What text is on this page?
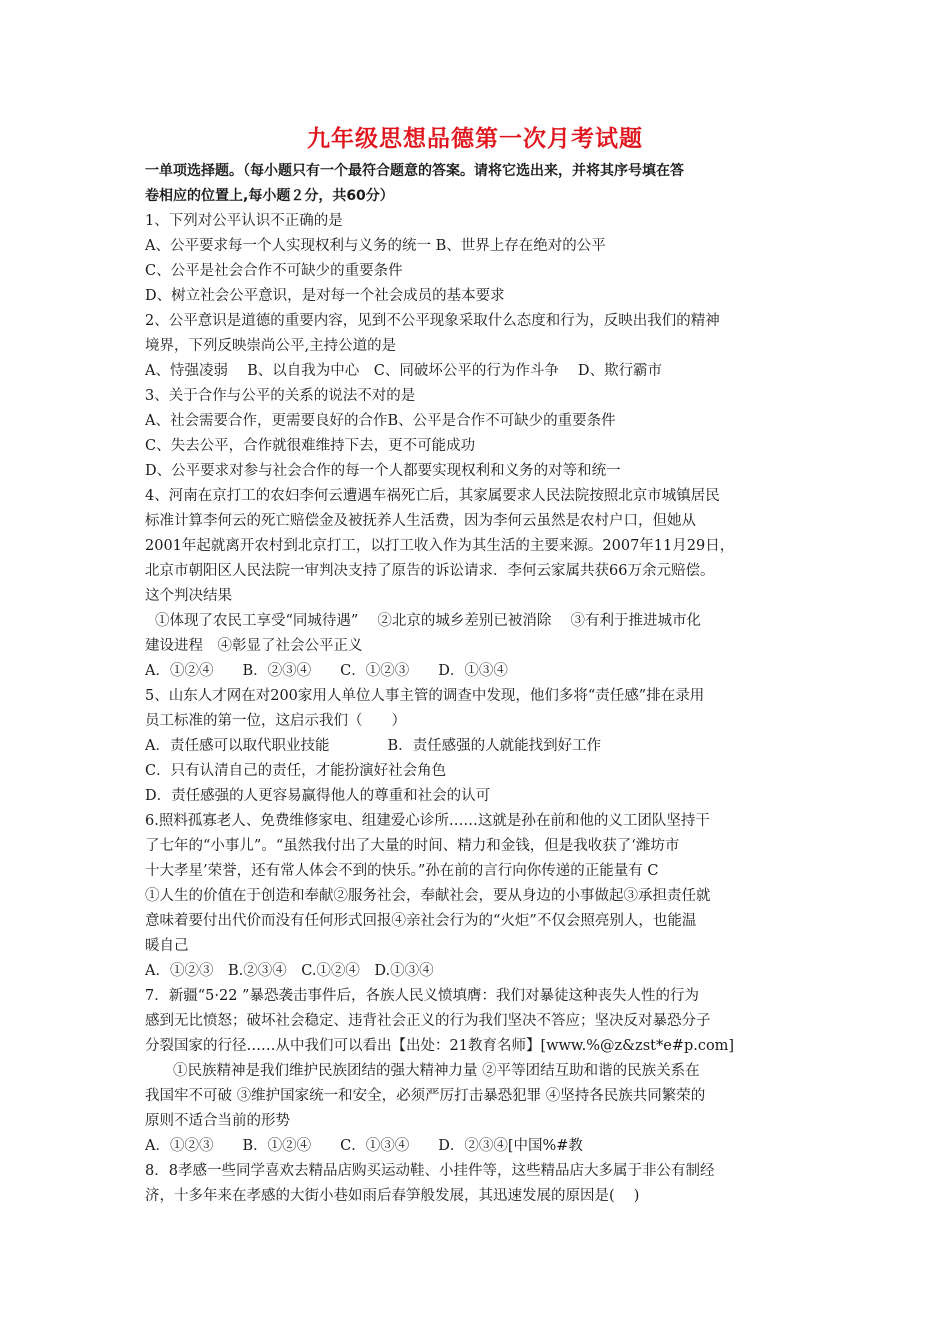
九年级思想品德第一次月考试题
一单项选择题。（每小题只有一个最符合题意的答案。请将它选出来，并将其序号填在答
卷相应的位置上,每小题２分，共60分）
1、下列对公平认识不正确的是
A、公平要求每一个人实现权利与义务的统一 B、世界上存在绝对的公平
C、公平是社会合作不可缺少的重要条件
D、树立社会公平意识，是对每一个社会成员的基本要求
2、公平意识是道德的重要内容，见到不公平现象采取什么态度和行为，反映出我们的精神
境界，下列反映崇尚公平,主持公道的是
A、恃强凌弱　 B、以自我为中心　C、同破坏公平的行为作斗争　 D、欺行霸市
3、关于合作与公平的关系的说法不对的是
A、社会需要合作，更需要良好的合作B、公平是合作不可缺少的重要条件
C、失去公平，合作就很难维持下去，更不可能成功
D、公平要求对参与社会合作的每一个人都要实现权利和义务的对等和统一
4、河南在京打工的农妇李何云遭遇车祸死亡后，其家属要求人民法院按照北京市城镇居民
标准计算李何云的死亡赔偿金及被抚养人生活费，因为李何云虽然是农村户口，但她从
2001年起就离开农村到北京打工，以打工收入作为其生活的主要来源。2007年11月29日，
北京市朝阳区人民法院一审判决支持了原告的诉讼请求．李何云家属共获66万余元赔偿。
这个判决结果
①体现了农民工享受“同城待遇”　 ②北京的城乡差别已被消除　 ③有利于推进城市化
建设进程　④彰显了社会公平正义
A．①②④　　B．②③④　　C．①②③　　D．①③④
5、山东人才网在对200家用人单位人事主管的调查中发现，他们多将“责任感”排在录用
员工标准的第一位，这启示我们（　　）
A．责任感可以取代职业技能　　　　B．责任感强的人就能找到好工作
C．只有认清自己的责任，才能扮演好社会角色
D．责任感强的人更容易赢得他人的尊重和社会的认可
6.照料孤寡老人、免费维修家电、组建爱心诊所……这就是孙在前和他的义工团队坚持干
了七年的“小事儿”。“虽然我付出了大量的时间、精力和金钱，但是我收获了‘潍坊市
十大孝星’荣誉，还有常人体会不到的快乐。”孙在前的言行向你传递的正能量有 C
①人生的价值在于创造和奉献②服务社会，奉献社会，要从身边的小事做起③承担责任就
意味着要付出代价而没有任何形式回报④亲社会行为的“火炬”不仅会照亮别人，也能温
暖自己
A．①②③　B.②③④　C.①②④　D.①③④
7．新疆“5·22 ”暴恐袭击事件后，各族人民义愤填膺：我们对暴徒这种丧失人性的行为
感到无比愤怒；破坏社会稳定、违背社会正义的行为我们坚决不答应；坚决反对暴恐分子
分裂国家的行径……从中我们可以看出【出处：21教育名师】[www.%@z&zst*e#p.com]
①民族精神是我们维护民族团结的强大精神力量 ②平等团结互助和谐的民族关系在
我国牢不可破 ③维护国家统一和安全，必须严厉打击暴恐犯罪 ④坚持各民族共同繁荣的
原则不适合当前的形势
A．①②③　　B．①②④　　C．①③④　　D．②③④[中国%#教
8．8孝感一些同学喜欢去精品店购买运动鞋、小挂件等，这些精品店大多属于非公有制经
济，十多年来在孝感的大街小巷如雨后春笋般发展，其迅速发展的原因是(　 )
